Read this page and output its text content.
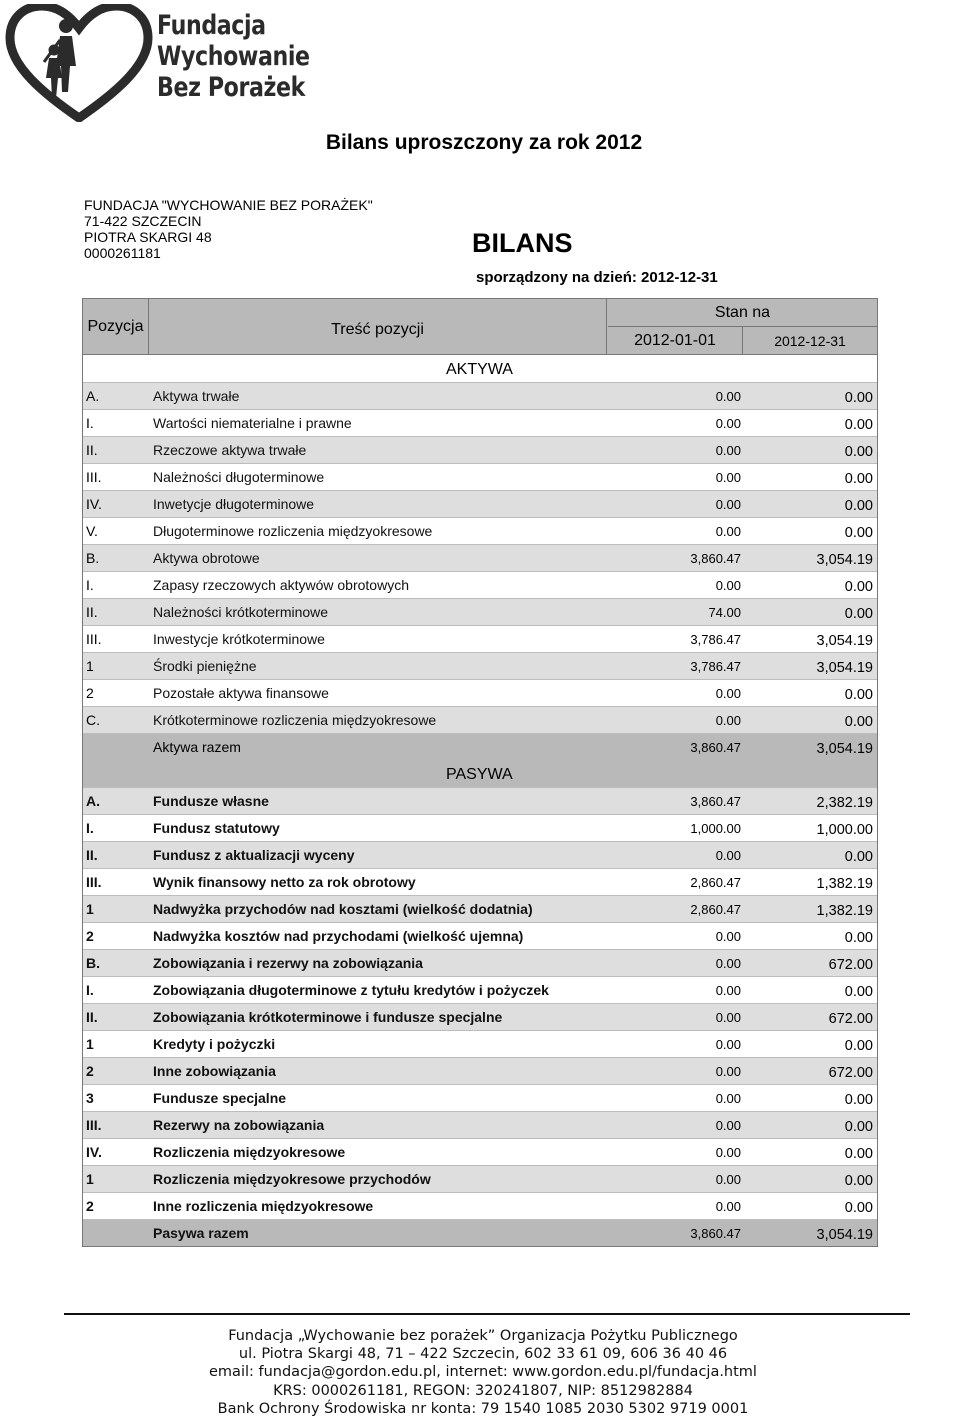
Fundacja
Wychowanie
Bez Porażek
Bilans uproszczony za rok 2012
FUNDACJA "WYCHOWANIE BEZ PORAŻEK"
71-422 SZCZECIN
PIOTRA SKARGI 48
0000261181	BILANS
sporządzony na dzień: 2012-12-31
Pozycja	Treść pozycji
Stan na
2012-01-01	2012-12-31
AKTYWA
A.	Aktywa trwałe	0.00	0.00
I.	Wartości niematerialne i prawne	0.00	0.00
II.	Rzeczowe aktywa trwałe	0.00	0.00
III.	Należności długoterminowe	0.00	0.00
IV.	Inwetycje długoterminowe	0.00	0.00
V.	Długoterminowe rozliczenia międzyokresowe	0.00	0.00
B.	Aktywa obrotowe	3,860.47	3,054.19
I.	Zapasy rzeczowych aktywów obrotowych	0.00	0.00
II.	Należności krótkoterminowe	74.00	0.00
III.	Inwestycje krótkoterminowe	3,786.47	3,054.19
1	Środki pieniężne	3,786.47	3,054.19
2	Pozostałe aktywa finansowe	0.00	0.00
C.	Krótkoterminowe rozliczenia międzyokresowe	0.00	0.00
Aktywa razem	3,860.47	3,054.19
PASYWA
A.	Fundusze własne	3,860.47	2,382.19
I.	Fundusz statutowy	1,000.00	1,000.00
II.	Fundusz z aktualizacji wyceny	0.00	0.00
III.	Wynik finansowy netto za rok obrotowy	2,860.47	1,382.19
1	Nadwyżka przychodów nad kosztami (wielkość dodatnia)	2,860.47	1,382.19
2	Nadwyżka kosztów nad przychodami (wielkość ujemna)	0.00	0.00
B.	Zobowiązania i rezerwy na zobowiązania	0.00	672.00
I.	Zobowiązania długoterminowe z tytułu kredytów i pożyczek	0.00	0.00
II.	Zobowiązania krótkoterminowe i fundusze specjalne	0.00	672.00
1	Kredyty i pożyczki	0.00	0.00
2	Inne zobowiązania	0.00	672.00
3	Fundusze specjalne	0.00	0.00
III.	Rezerwy na zobowiązania	0.00	0.00
IV.	Rozliczenia międzyokresowe	0.00	0.00
1	Rozliczenia międzyokresowe przychodów	0.00	0.00
2	Inne rozliczenia międzyokresowe	0.00	0.00
Pasywa razem	3,860.47	3,054.19
Fundacja „Wychowanie bez porażek” Organizacja Pożytku Publicznego
ul. Piotra Skargi 48, 71 – 422 Szczecin, 602 33 61 09, 606 36 40 46
email: fundacja@gordon.edu.pl, internet: www.gordon.edu.pl/fundacja.html
KRS: 0000261181, REGON: 320241807, NIP: 8512982884
Bank Ochrony Środowiska nr konta: 79 1540 1085 2030 5302 9719 0001
